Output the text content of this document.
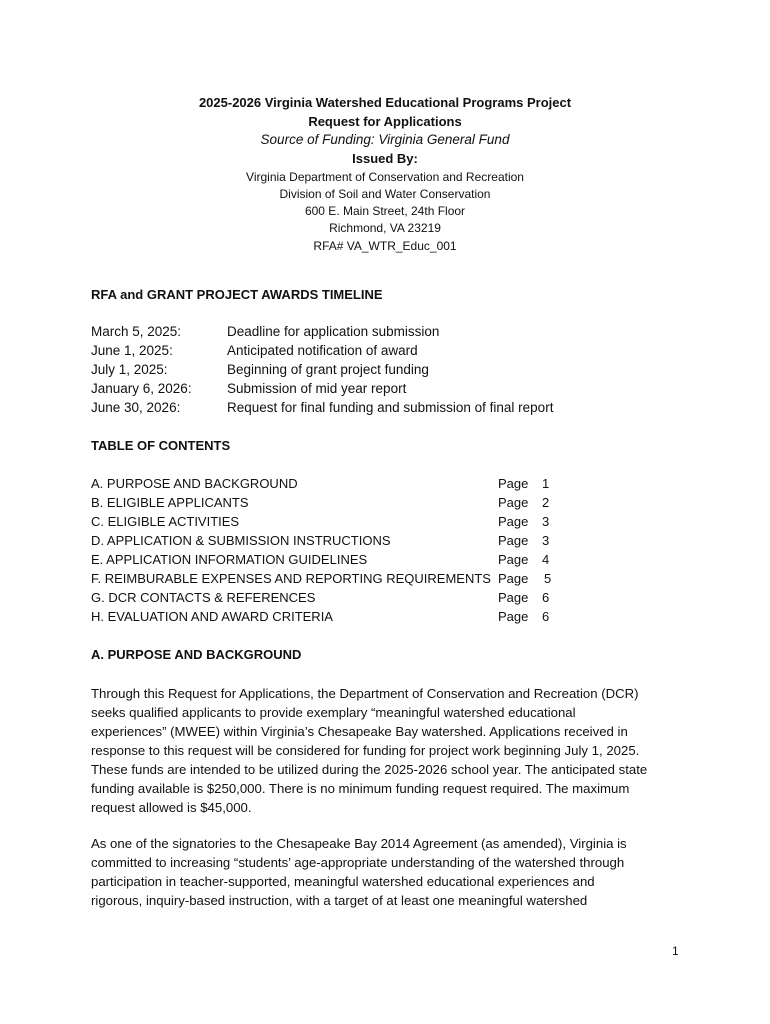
2025-2026 Virginia Watershed Educational Programs Project
Request for Applications
Source of Funding: Virginia General Fund
Issued By:
Virginia Department of Conservation and Recreation
Division of Soil and Water Conservation
600 E. Main Street, 24th Floor
Richmond, VA 23219
RFA# VA_WTR_Educ_001
RFA and GRANT PROJECT AWARDS TIMELINE
March 5, 2025:	Deadline for application submission
June 1, 2025:	Anticipated notification of award
July 1, 2025:	Beginning of grant project funding
January 6, 2026:	Submission of mid year report
June 30, 2026:	Request for final funding and submission of final report
TABLE OF CONTENTS
A. PURPOSE AND BACKGROUND	Page 1
B. ELIGIBLE APPLICANTS	Page 2
C. ELIGIBLE ACTIVITIES	Page 3
D. APPLICATION & SUBMISSION INSTRUCTIONS	Page 3
E. APPLICATION INFORMATION GUIDELINES	Page 4
F. REIMBURABLE EXPENSES AND REPORTING REQUIREMENTS Page 5
G. DCR CONTACTS & REFERENCES	Page 6
H. EVALUATION AND AWARD CRITERIA	Page 6
A. PURPOSE AND BACKGROUND
Through this Request for Applications, the Department of Conservation and Recreation (DCR)
seeks qualified applicants to provide exemplary “meaningful watershed educational
experiences” (MWEE) within Virginia’s Chesapeake Bay watershed. Applications received in
response to this request will be considered for funding for project work beginning July 1, 2025.
These funds are intended to be utilized during the 2025-2026 school year. The anticipated state
funding available is $250,000. There is no minimum funding request required. The maximum
request allowed is $45,000.
As one of the signatories to the Chesapeake Bay 2014 Agreement (as amended), Virginia is
committed to increasing “students’ age-appropriate understanding of the watershed through
participation in teacher-supported, meaningful watershed educational experiences and
rigorous, inquiry-based instruction, with a target of at least one meaningful watershed
1
